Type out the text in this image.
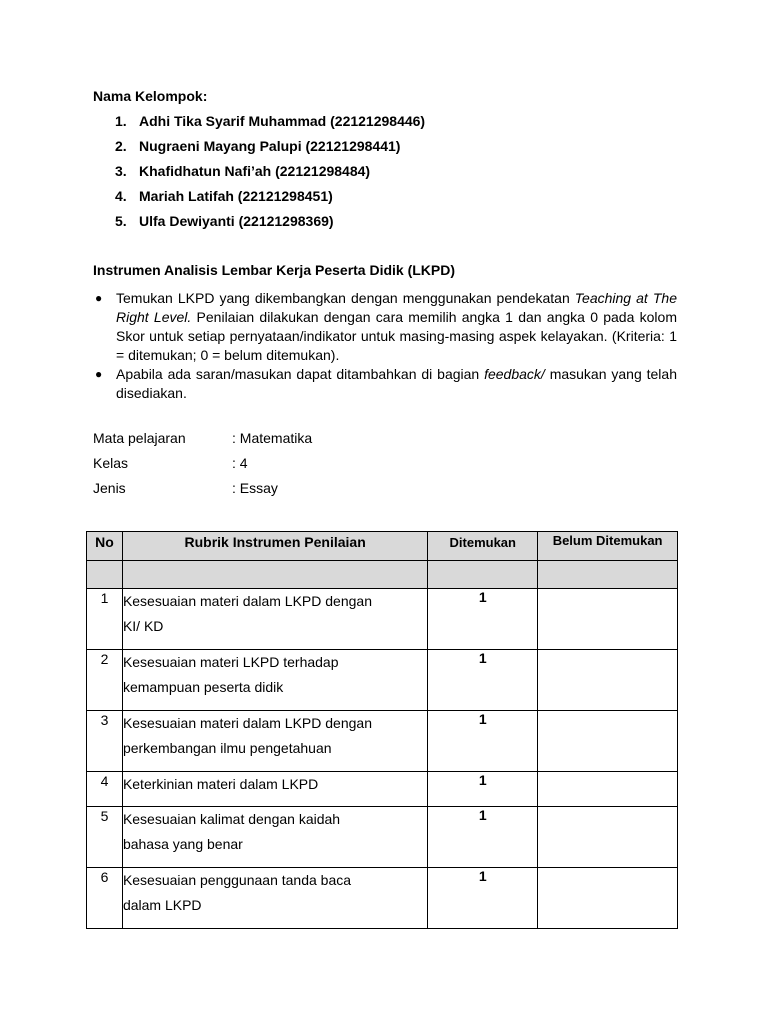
Nama Kelompok:
1. Adhi Tika Syarif Muhammad (22121298446)
2. Nugraeni Mayang Palupi (22121298441)
3. Khafidhatun Nafi’ah (22121298484)
4. Mariah Latifah (22121298451)
5. Ulfa Dewiyanti (22121298369)
Instrumen Analisis Lembar Kerja Peserta Didik (LKPD)
● Temukan LKPD yang dikembangkan dengan menggunakan pendekatan Teaching at The Right Level. Penilaian dilakukan dengan cara memilih angka 1 dan angka 0 pada kolom Skor untuk setiap pernyataan/indikator untuk masing-masing aspek kelayakan. (Kriteria: 1 = ditemukan; 0 = belum ditemukan).
● Apabila ada saran/masukan dapat ditambahkan di bagian feedback/ masukan yang telah disediakan.
Mata pelajaran	: Matematika
Kelas	: 4
Jenis	: Essay
No	Rubrik Instrumen Penilaian	Ditemukan	Belum Ditemukan

1	Kesesuaian materi dalam LKPD dengan
KI/ KD	1	
2	Kesesuaian materi LKPD terhadap
kemampuan peserta didik	1	
3	Kesesuaian materi dalam LKPD dengan
perkembangan ilmu pengetahuan	1	
4	Keterkinian materi dalam LKPD	1	
5	Kesesuaian kalimat dengan kaidah
bahasa yang benar	1	
6	Kesesuaian penggunaan tanda baca
dalam LKPD	1	
